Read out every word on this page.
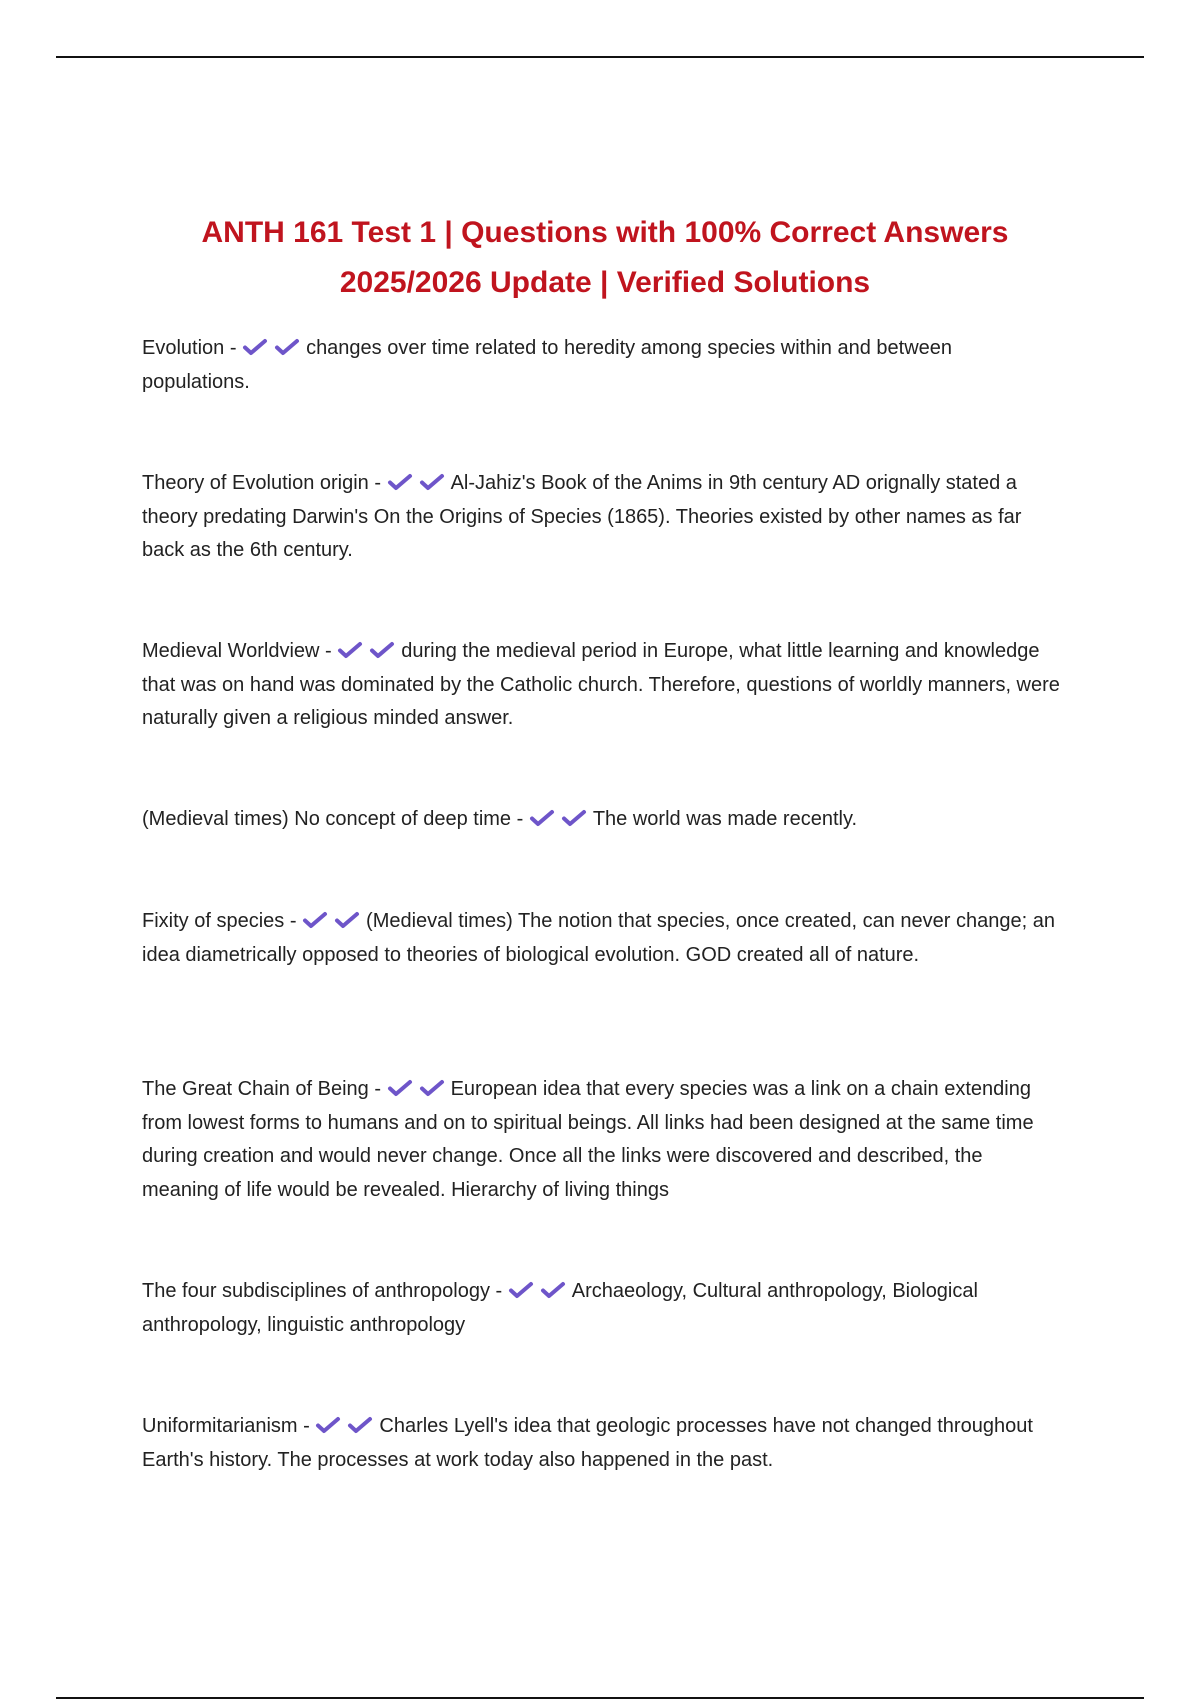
ANTH 161 Test 1 | Questions with 100% Correct Answers 2025/2026 Update | Verified Solutions

Evolution -	changes over time related to heredity among species within and between populations.

Theory of Evolution origin -	Al-Jahiz's Book of the Anims in 9th century AD orignally stated a theory predating Darwin's On the Origins of Species (1865). Theories existed by other names as far back as the 6th century.

Medieval Worldview -	during the medieval period in Europe, what little learning and knowledge that was on hand was dominated by the Catholic church. Therefore, questions of worldly manners, were naturally given a religious minded answer.

(Medieval times) No concept of deep time -	The world was made recently.

Fixity of species -	(Medieval times) The notion that species, once created, can never change; an idea diametrically opposed to theories of biological evolution. GOD created all of nature.

The Great Chain of Being -	European idea that every species was a link on a chain extending from lowest forms to humans and on to spiritual beings. All links had been designed at the same time during creation and would never change. Once all the links were discovered and described, the meaning of life would be revealed. Hierarchy of living things

The four subdisciplines of anthropology -	Archaeology, Cultural anthropology, Biological anthropology, linguistic anthropology

Uniformitarianism -	Charles Lyell's idea that geologic processes have not changed throughout Earth's history. The processes at work today also happened in the past.
